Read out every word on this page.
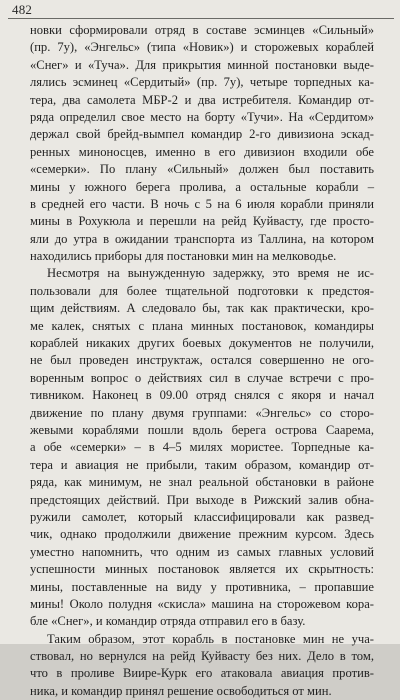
482
новки сформировали отряд в составе эсминцев «Сильный»
(пр. 7у), «Энгельс» (типа «Новик») и сторожевых кораблей
«Снег» и «Туча». Для прикрытия минной постановки выде-
лялись эсминец «Сердитый» (пр. 7у), четыре торпедных ка-
тера, два самолета МБР-2 и два истребителя. Командир от-
ряда определил свое место на борту «Тучи». На «Сердитом»
держал свой брейд-вымпел командир 2-го дивизиона эскад-
ренных миноносцев, именно в его дивизион входили обе
«семерки». По плану «Сильный» должен был поставить
мины у южного берега пролива, а остальные корабли –
в средней его части. В ночь с 5 на 6 июля корабли приняли
мины в Рохукюла и перешли на рейд Куйвасту, где просто-
яли до утра в ожидании транспорта из Таллина, на котором
находились приборы для постановки мин на мелководье.
Несмотря на вынужденную задержку, это время не ис-
пользовали для более тщательной подготовки к предстоя-
щим действиям. А следовало бы, так как практически, кро-
ме калек, снятых с плана минных постановок, командиры
кораблей никаких других боевых документов не получили,
не был проведен инструктаж, остался совершенно не ого-
воренным вопрос о действиях сил в случае встречи с про-
тивником. Наконец в 09.00 отряд снялся с якоря и начал
движение по плану двумя группами: «Энгельс» со сторо-
жевыми кораблями пошли вдоль берега острова Саарема,
а обе «семерки» – в 4–5 милях мористее. Торпедные ка-
тера и авиация не прибыли, таким образом, командир от-
ряда, как минимум, не знал реальной обстановки в районе
предстоящих действий. При выходе в Рижский залив обна-
ружили самолет, который классифицировали как развед-
чик, однако продолжили движение прежним курсом. Здесь
уместно напомнить, что одним из самых главных условий
успешности минных постановок является их скрытность:
мины, поставленные на виду у противника, – пропавшие
мины! Около полудня «скисла» машина на сторожевом кора-
бле «Снег», и командир отряда отправил его в базу.
Таким образом, этот корабль в постановке мин не уча-
ствовал, но вернулся на рейд Куйвасту без них. Дело в том,
что в проливе Виире-Курк его атаковала авиация против-
ника, и командир принял решение освободиться от мин.
